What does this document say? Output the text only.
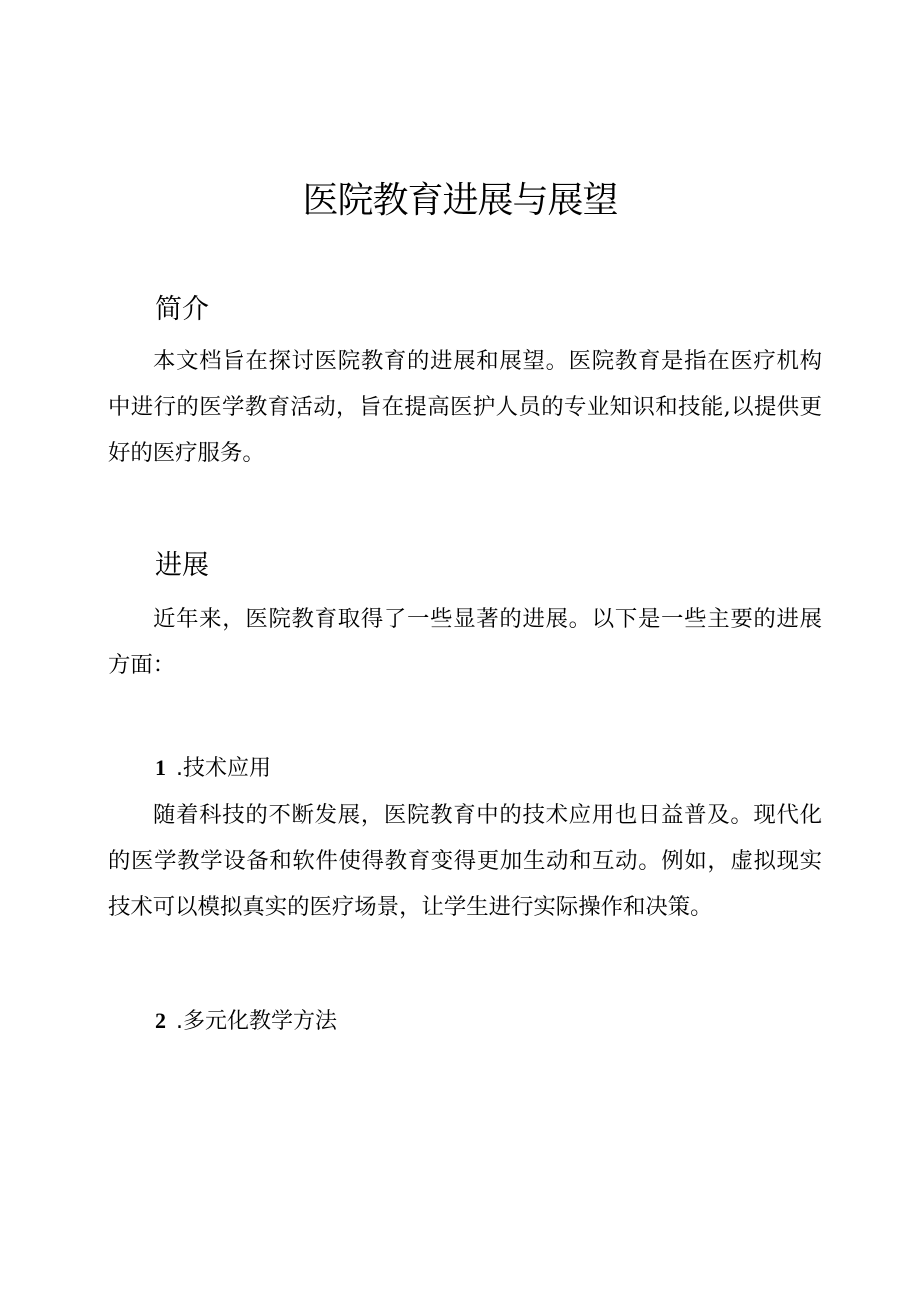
医院教育进展与展望
简介

本文档旨在探讨医院教育的进展和展望。医院教育是指在医疗机构中进行的医学教育活动，旨在提高医护人员的专业知识和技能,以提供更好的医疗服务。

进展

近年来，医院教育取得了一些显著的进展。以下是一些主要的进展方面：

1 .技术应用

随着科技的不断发展，医院教育中的技术应用也日益普及。现代化的医学教学设备和软件使得教育变得更加生动和互动。例如，虚拟现实技术可以模拟真实的医疗场景，让学生进行实际操作和决策。

2 .多元化教学方法
